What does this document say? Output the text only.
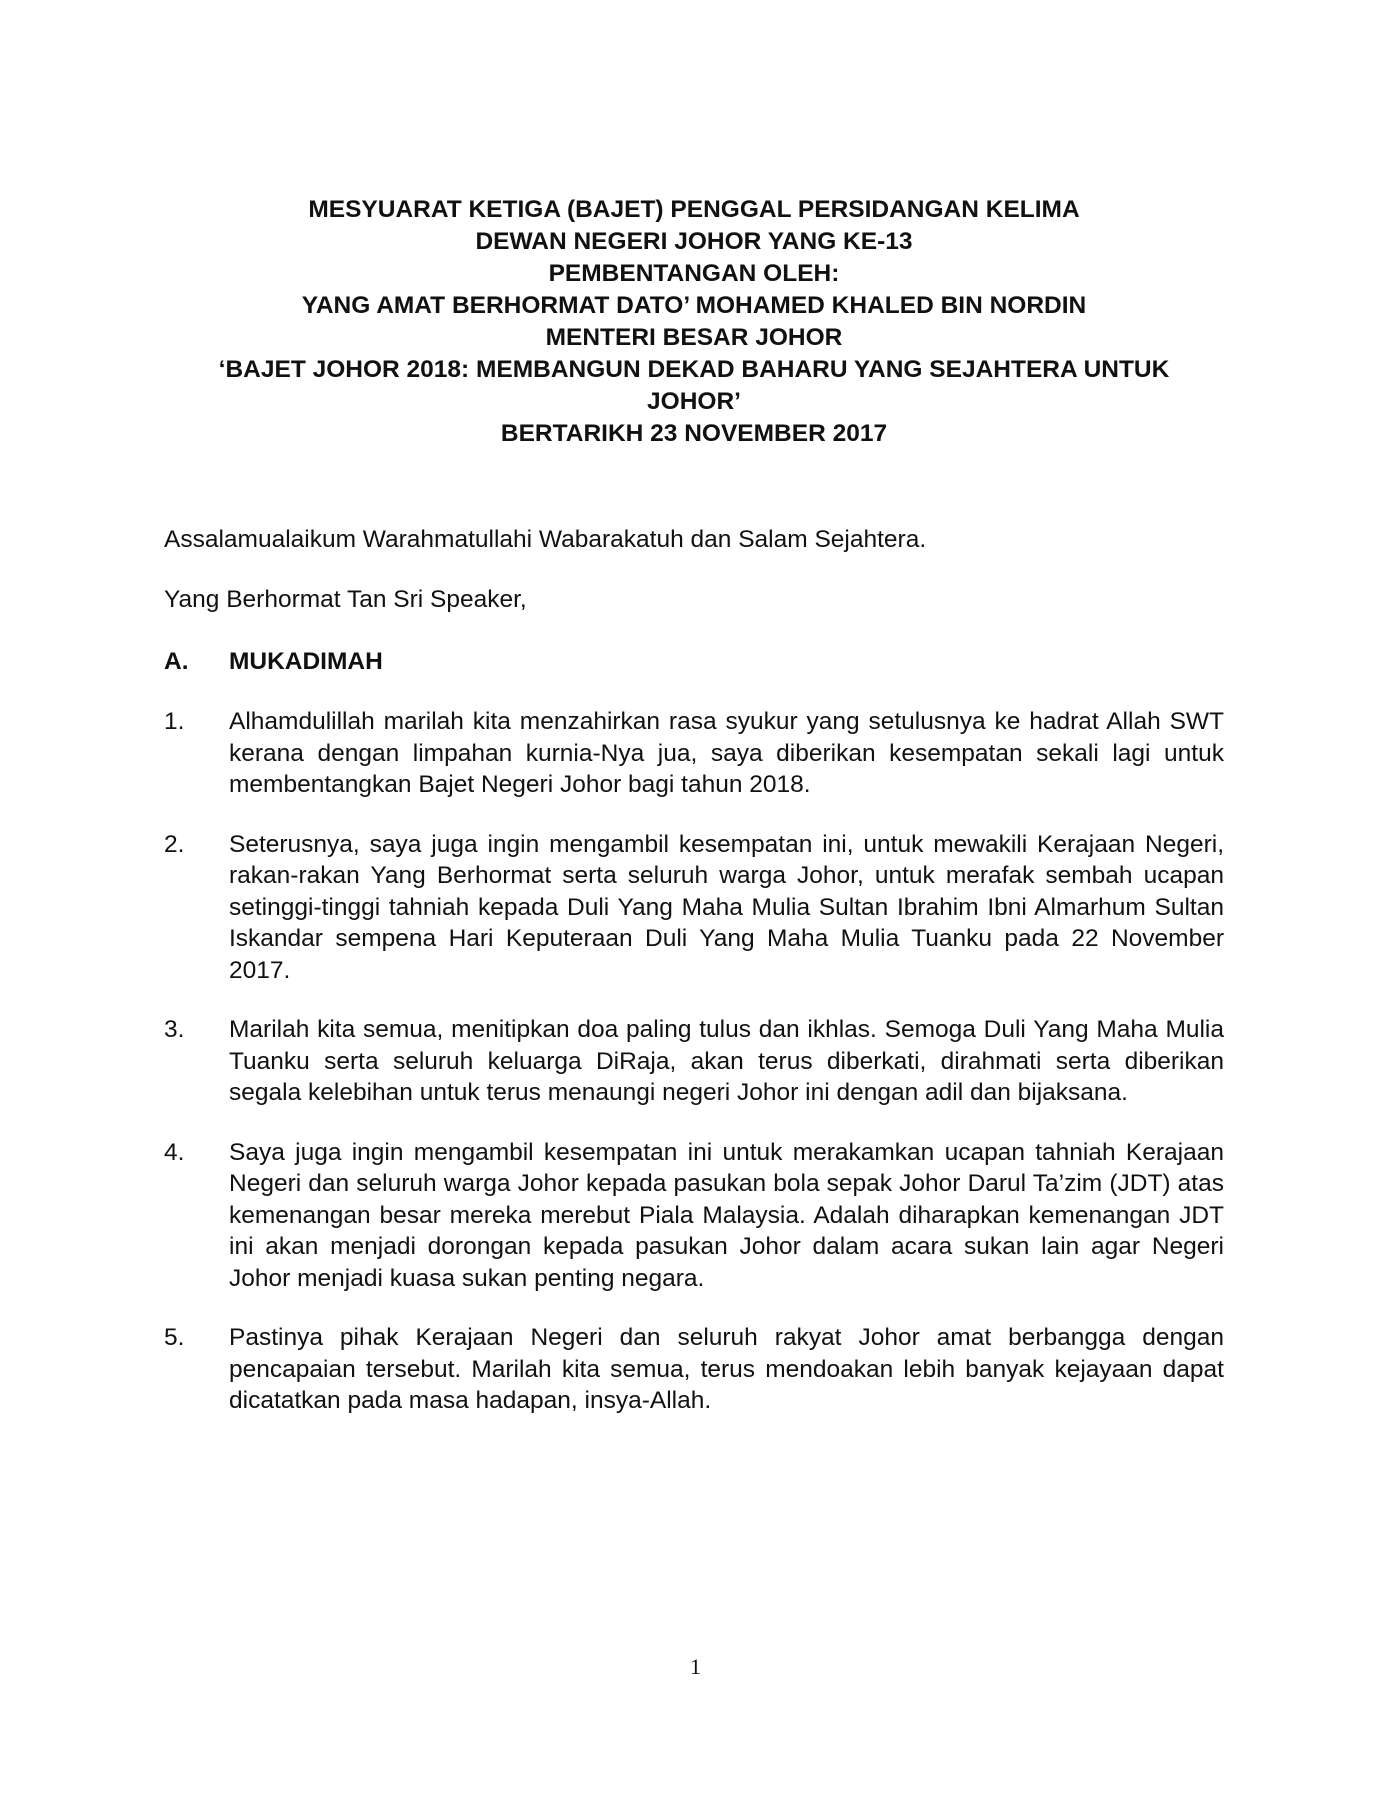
MESYUARAT KETIGA (BAJET) PENGGAL PERSIDANGAN KELIMA
DEWAN NEGERI JOHOR YANG KE-13
PEMBENTANGAN OLEH:
YANG AMAT BERHORMAT DATO’ MOHAMED KHALED BIN NORDIN
MENTERI BESAR JOHOR
‘BAJET JOHOR 2018: MEMBANGUN DEKAD BAHARU YANG SEJAHTERA UNTUK
JOHOR’
BERTARIKH 23 NOVEMBER 2017
Assalamualaikum Warahmatullahi Wabarakatuh dan Salam Sejahtera.
Yang Berhormat Tan Sri Speaker,
A.	MUKADIMAH
1.	Alhamdulillah marilah kita menzahirkan rasa syukur yang setulusnya ke hadrat Allah SWT kerana dengan limpahan kurnia-Nya jua, saya diberikan kesempatan sekali lagi untuk membentangkan Bajet Negeri Johor bagi tahun 2018.
2.	Seterusnya, saya juga ingin mengambil kesempatan ini, untuk mewakili Kerajaan Negeri, rakan-rakan Yang Berhormat serta seluruh warga Johor, untuk merafak sembah ucapan setinggi-tinggi tahniah kepada Duli Yang Maha Mulia Sultan Ibrahim Ibni Almarhum Sultan Iskandar sempena Hari Keputeraan Duli Yang Maha Mulia Tuanku pada 22 November 2017.
3.	Marilah kita semua, menitipkan doa paling tulus dan ikhlas. Semoga Duli Yang Maha Mulia Tuanku serta seluruh keluarga DiRaja, akan terus diberkati, dirahmati serta diberikan segala kelebihan untuk terus menaungi negeri Johor ini dengan adil dan bijaksana.
4.	Saya juga ingin mengambil kesempatan ini untuk merakamkan ucapan tahniah Kerajaan Negeri dan seluruh warga Johor kepada pasukan bola sepak Johor Darul Ta’zim (JDT) atas kemenangan besar mereka merebut Piala Malaysia. Adalah diharapkan kemenangan JDT ini akan menjadi dorongan kepada pasukan Johor dalam acara sukan lain agar Negeri Johor menjadi kuasa sukan penting negara.
5.	Pastinya pihak Kerajaan Negeri dan seluruh rakyat Johor amat berbangga dengan pencapaian tersebut. Marilah kita semua, terus mendoakan lebih banyak kejayaan dapat dicatatkan pada masa hadapan, insya-Allah.
1
